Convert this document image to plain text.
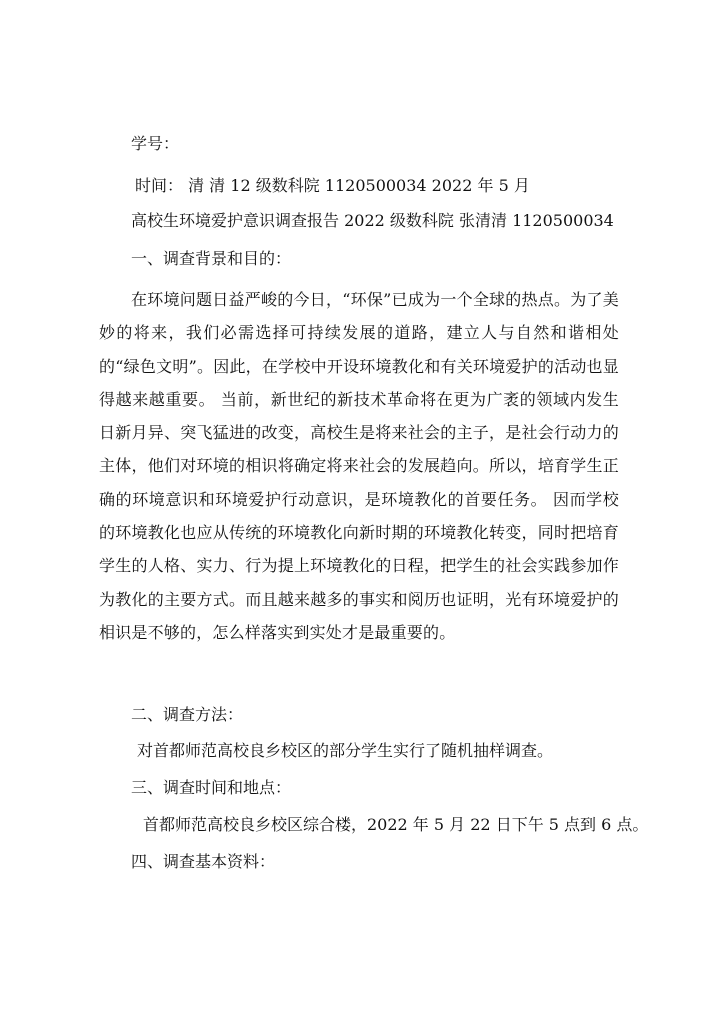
学号：
时间： 清 清 12 级数科院 1120500034 2022 年 5 月
高校生环境爱护意识调查报告 2022 级数科院 张清清 1120500034
一、调查背景和目的：
在环境问题日益严峻的今日，“环保”已成为一个全球的热点。为了美妙的将来，我们必需选择可持续发展的道路，建立人与自然和谐相处的“绿色文明”。因此，在学校中开设环境教化和有关环境爱护的活动也显得越来越重要。 当前，新世纪的新技术革命将在更为广袤的领域内发生日新月异、突飞猛进的改变，高校生是将来社会的主子，是社会行动力的主体，他们对环境的相识将确定将来社会的发展趋向。所以，培育学生正确的环境意识和环境爱护行动意识，是环境教化的首要任务。 因而学校的环境教化也应从传统的环境教化向新时期的环境教化转变，同时把培育学生的人格、实力、行为提上环境教化的日程，把学生的社会实践参加作为教化的主要方式。而且越来越多的事实和阅历也证明，光有环境爱护的相识是不够的，怎么样落实到实处才是最重要的。
二、调查方法：
对首都师范高校良乡校区的部分学生实行了随机抽样调查。
三、调查时间和地点：
首都师范高校良乡校区综合楼，2022 年 5 月 22 日下午 5 点到 6 点。
四、调查基本资料：
